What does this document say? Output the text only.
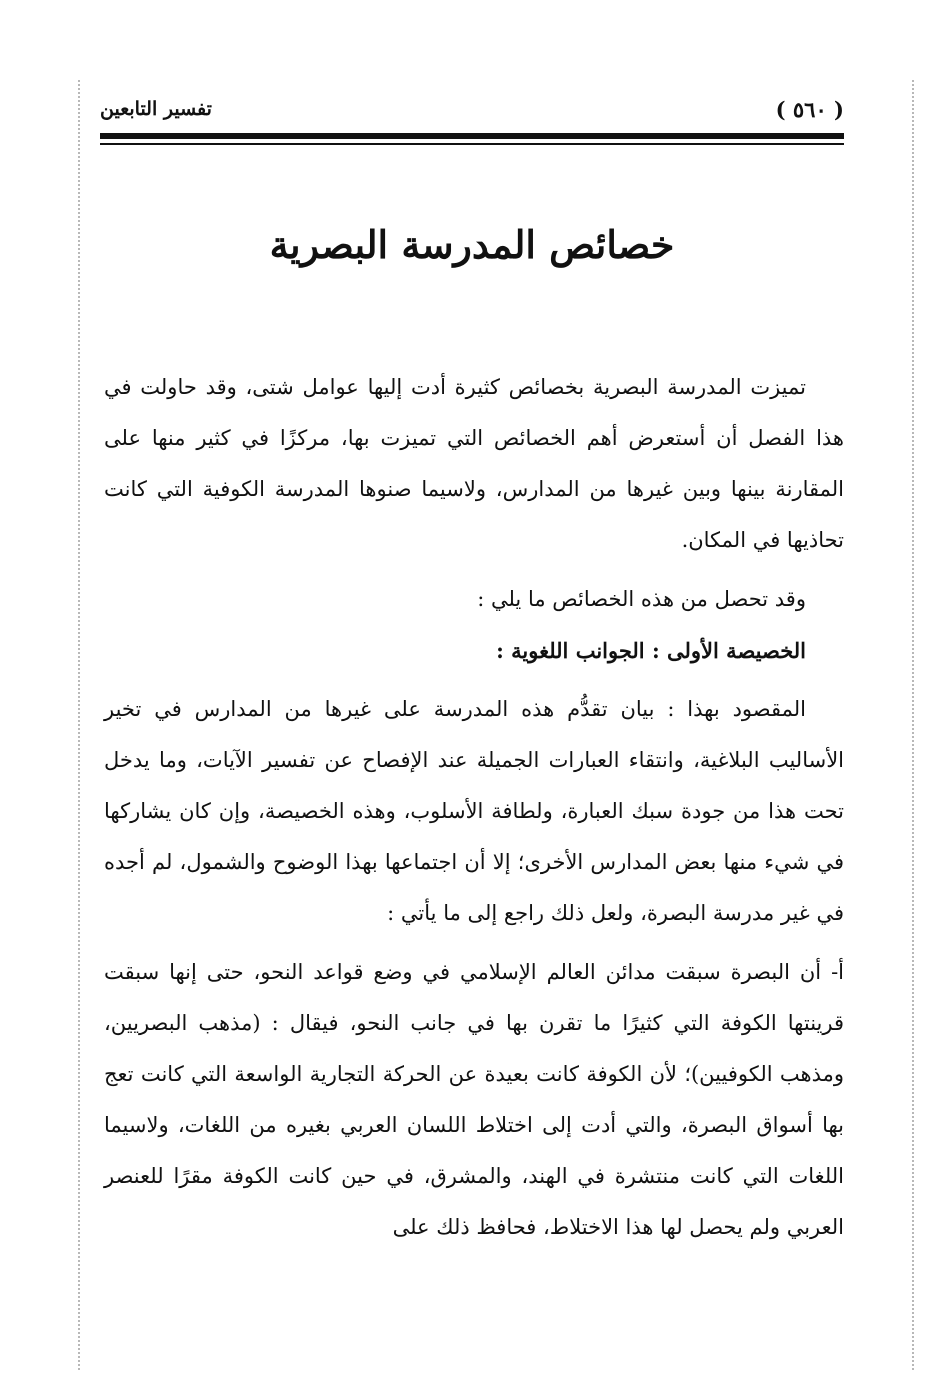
( ٥٦٠ )
تفسير التابعين
خصائص المدرسة البصرية

تميزت المدرسة البصرية بخصائص كثيرة أدت إليها عوامل شتى، وقد حاولت في هذا الفصل أن أستعرض أهم الخصائص التي تميزت بها، مركزًا في كثير منها على المقارنة بينها وبين غيرها من المدارس، ولاسيما صنوها المدرسة الكوفية التي كانت تحاذيها في المكان.

وقد تحصل من هذه الخصائص ما يلي :

الخصيصة الأولى : الجوانب اللغوية :

المقصود بهذا : بيان تقدُّم هذه المدرسة على غيرها من المدارس في تخير الأساليب البلاغية، وانتقاء العبارات الجميلة عند الإفصاح عن تفسير الآيات، وما يدخل تحت هذا من جودة سبك العبارة، ولطافة الأسلوب، وهذه الخصيصة، وإن كان يشاركها في شيء منها بعض المدارس الأخرى؛ إلا أن اجتماعها بهذا الوضوح والشمول، لم أجده في غير مدرسة البصرة، ولعل ذلك راجع إلى ما يأتي :

أ- أن البصرة سبقت مدائن العالم الإسلامي في وضع قواعد النحو، حتى إنها سبقت قرينتها الكوفة التي كثيرًا ما تقرن بها في جانب النحو، فيقال : (مذهب البصريين، ومذهب الكوفيين)؛ لأن الكوفة كانت بعيدة عن الحركة التجارية الواسعة التي كانت تعج بها أسواق البصرة، والتي أدت إلى اختلاط اللسان العربي بغيره من اللغات، ولاسيما اللغات التي كانت منتشرة في الهند، والمشرق، في حين كانت الكوفة مقرًا للعنصر العربي ولم يحصل لها هذا الاختلاط، فحافظ ذلك على
